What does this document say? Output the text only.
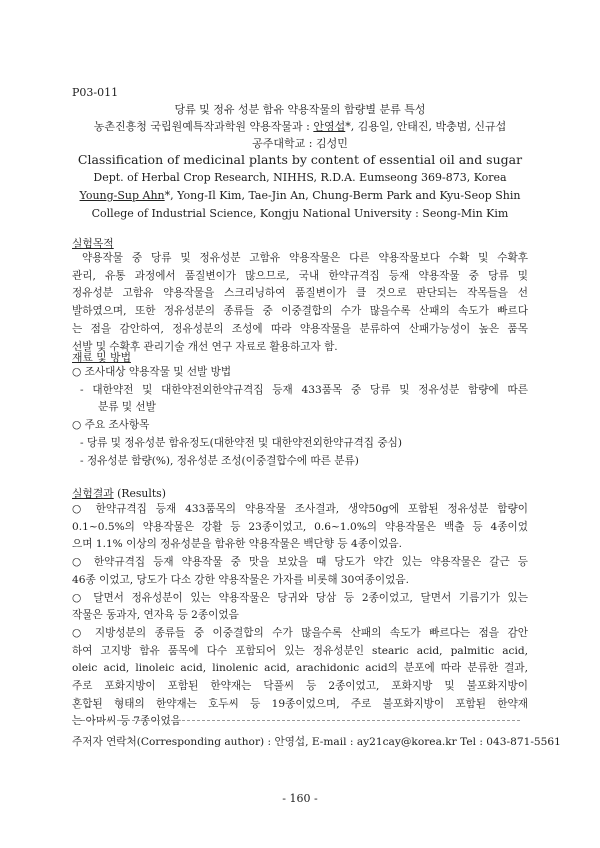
P03-011
당류 및 정유 성분 함유 약용작물의 함량별 분류 특성
농촌진흥청 국립원예특작과학원 약용작물과 : 안영섭*, 김용일, 안태진, 박충범, 신규섭
공주대학교 : 김성민
Classification of medicinal plants by content of essential oil and sugar
Dept. of Herbal Crop Research, NIHHS, R.D.A. Eumseong 369-873, Korea
Young-Sup Ahn*, Yong-Il Kim, Tae-Jin An, Chung-Berm Park and Kyu-Seop Shin
College of Industrial Science, Kongju National University : Seong-Min Kim
실험목적
약용작물 중 당류 및 정유성분 고함유 약용작물은 다른 약용작물보다 수확 및 수확후
관리, 유통 과정에서 품질변이가 많으므로, 국내 한약규격집 등재 약용작물 중 당류 및
정유성분 고함유 약용작물을 스크리닝하여 품질변이가 클 것으로 판단되는 작목들을 선
발하였으며, 또한 정유성분의 종류들 중 이중결합의 수가 많을수록 산패의 속도가 빠르다
는 점을 감안하여, 정유성분의 조성에 따라 약용작물을 분류하여 산패가능성이 높은 품목
선발 및 수확후 관리기술 개선 연구 자료로 활용하고자 함.
재료 및 방법
○ 조사대상 약용작물 및 선발 방법
- 대한약전 및 대한약전외한약규격집 등재 433품목 중 당류 및 정유성분 함량에 따른
분류 및 선발
○ 주요 조사항목
- 당류 및 정유성분 함유정도(대한약전 및 대한약전외한약규격집 중심)
- 정유성분 함량(%), 정유성분 조성(이중결합수에 따른 분류)
실험결과 (Results)
○ 한약규격집 등재 433품목의 약용작물 조사결과, 생약50g에 포함된 정유성분 함량이
0.1~0.5%의 약용작물은 강활 등 23종이었고, 0.6~1.0%의 약용작물은 백출 등 4종이었
으며 1.1% 이상의 정유성분을 함유한 약용작물은 백단향 등 4종이었음.
○ 한약규격집 등재 약용작물 중 맛을 보았을 때 당도가 약간 있는 약용작물은 갈근 등
46종 이었고, 당도가 다소 강한 약용작물은 가자를 비롯해 30여종이었음.
○ 달면서 정유성분이 있는 약용작물은 당귀와 당삼 등 2종이었고, 달면서 기름기가 있는
작물은 동과자, 연자육 등 2종이었음
○ 지방성분의 종류들 중 이중결합의 수가 많을수록 산패의 속도가 빠르다는 점을 감안
하여 고지방 함유 품목에 다수 포함되어 있는 정유성분인 stearic acid, palmitic acid,
oleic acid, linoleic acid, linolenic acid, arachidonic acid의 분포에 따라 분류한 결과,
주로 포화지방이 포함된 한약재는 닥풀씨 등 2종이었고, 포화지방 및 불포화지방이
혼합된 형태의 한약재는 호두씨 등 19종이었으며, 주로 불포화지방이 포함된 한약재
는 아마씨 등 7종이었음
주저자 연락처(Corresponding author) : 안영섭, E-mail : ay21cay@korea.kr Tel : 043-871-5561
- 160 -
